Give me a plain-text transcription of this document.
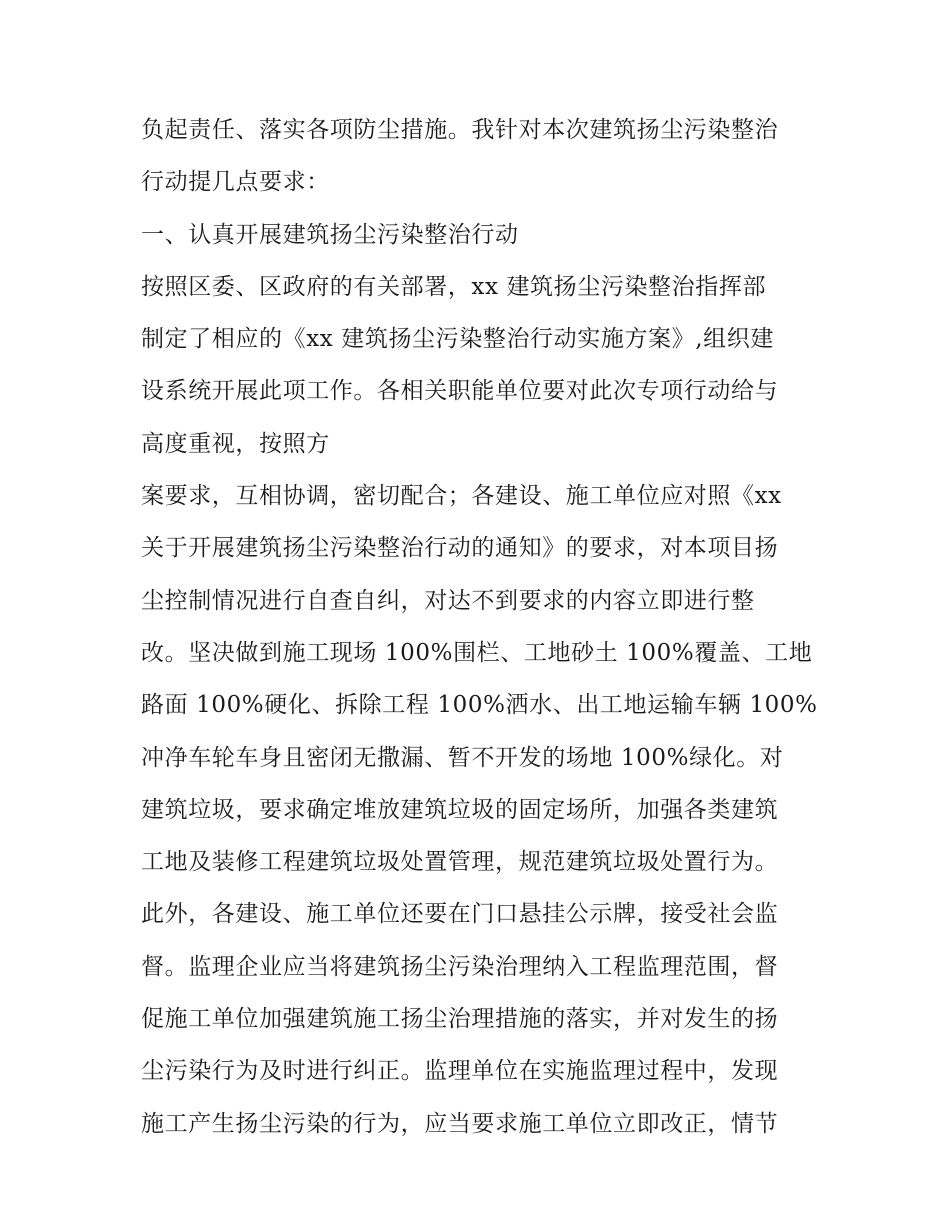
负起责任、落实各项防尘措施。我针对本次建筑扬尘污染整治
行动提几点要求：
一、认真开展建筑扬尘污染整治行动
按照区委、区政府的有关部署，xx 建筑扬尘污染整治指挥部
制定了相应的《xx 建筑扬尘污染整治行动实施方案》,组织建
设系统开展此项工作。各相关职能单位要对此次专项行动给与
高度重视，按照方
案要求，互相协调，密切配合；各建设、施工单位应对照《xx
关于开展建筑扬尘污染整治行动的通知》的要求，对本项目扬
尘控制情况进行自查自纠，对达不到要求的内容立即进行整
改。坚决做到施工现场 100%围栏、工地砂土 100%覆盖、工地
路面 100%硬化、拆除工程 100%洒水、出工地运输车辆 100%
冲净车轮车身且密闭无撒漏、暂不开发的场地 100%绿化。对
建筑垃圾，要求确定堆放建筑垃圾的固定场所，加强各类建筑
工地及装修工程建筑垃圾处置管理，规范建筑垃圾处置行为。
此外，各建设、施工单位还要在门口悬挂公示牌，接受社会监
督。监理企业应当将建筑扬尘污染治理纳入工程监理范围，督
促施工单位加强建筑施工扬尘治理措施的落实，并对发生的扬
尘污染行为及时进行纠正。监理单位在实施监理过程中，发现
施工产生扬尘污染的行为，应当要求施工单位立即改正，情节
